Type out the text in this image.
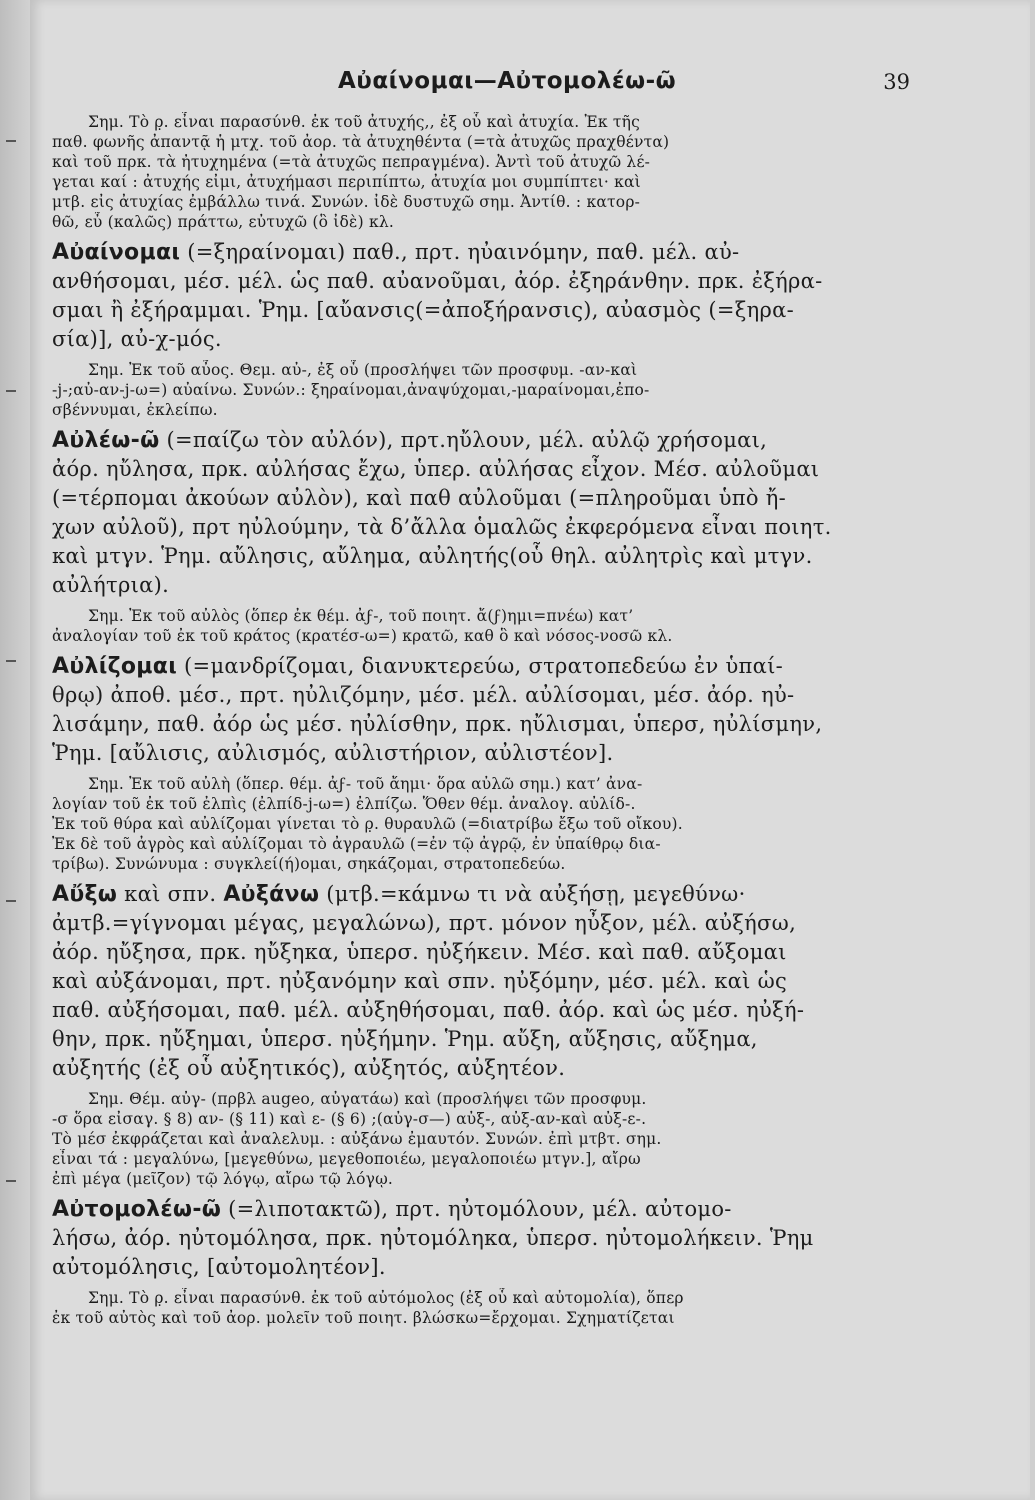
Αὐαίνομαι—Αὐτομολέω-ῶ	39
Σημ. Τὸ ρ̣. εἶναι παρασύνθ. ἐκ τοῦ ἀτυχής,, ἐξ οὗ καὶ ἀτυχία. Ἐκ τῆς
παθ. φωνῆς ἀπαντᾷ ἡ μτχ. τοῦ ἀορ. τὰ ἀτυχηθέντα (=τὰ ἀτυχῶς πραχθέντα)
καὶ τοῦ πρκ. τὰ ἠτυχημένα (=τὰ ἀτυχῶς πεπραγμένα). Ἀντὶ τοῦ ἀτυχῶ λέ-
γεται καί : ἀτυχής εἰμι, ἀτυχήμασι περιπίπτω, ἀτυχία μοι συμπίπτει· καὶ
μτβ. εἰς ἀτυχίας ἐμβάλλω τινά. Συνών. ἰδὲ δυστυχῶ σημ. Ἀντίθ. : κατορ-
θῶ, εὖ (καλῶς) πράττω, εὐτυχῶ (ὃ ἰδὲ) κλ.
Αὐαίνομαι (=ξηραίνομαι) παθ., πρτ. ηὐαινόμην, παθ. μέλ. αὐ-
ανθήσομαι, μέσ. μέλ. ὡς παθ. αὐανοῦμαι, ἀόρ. ἐξηράνθην. πρκ. ἐξήρα-
σμαι ἢ ἐξήραμμαι. Ῥημ. [αὔανσις(=ἀποξήρανσις), αὐασμὸς (=ξηρα-
σία)], αὐ-χ-μός.
Σημ. Ἐκ τοῦ αὖος. Θεμ. αὐ-, ἐξ οὗ (προσλήψει τῶν προσφυμ. -αν-καὶ
-j-;αὐ-αν-j-ω=) αὐαίνω. Συνών.: ξηραίνομαι,ἀναψύχομαι,-μαραίνομαι,ἐπο-
σβέννυμαι, ἐκλείπω.
Αὐλέω-ῶ (=παίζω τὸν αὐλόν), πρτ.ηὔλουν, μέλ. αὐλῷ χρήσομαι,
ἀόρ. ηὔλησα, πρκ. αὐλήσας ἔχω, ὑπερ. αὐλήσας εἶχον. Μέσ. αὐλοῦμαι
(=τέρπομαι ἀκούων αὐλὸν), καὶ παθ αὐλοῦμαι (=πληροῦμαι ὑπὸ ἤ-
χων αὐλοῦ), πρτ ηὐλούμην, τὰ δ’ἄλλα ὁμαλῶς ἐκφερόμενα εἶναι ποιητ.
καὶ μτγν. Ῥημ. αὔλησις, αὔλημα, αὐλητής(οὗ θηλ. αὐλητρὶς καὶ μτγν.
αὐλήτρια).
Σημ. Ἐκ τοῦ αὐλὸς (ὅπερ ἐκ θέμ. ἀϝ-, τοῦ ποιητ. ἄ(ϝ)ημι=πνέω) κατ’
ἀναλογίαν τοῦ ἐκ τοῦ κράτος (κρατέσ-ω=) κρατῶ, καθ ὃ καὶ νόσος-νοσῶ κλ.
Αὐλίζομαι (=μανδρίζομαι, διανυκτερεύω, στρατοπεδεύω ἐν ὑπαί-
θρῳ) ἀποθ. μέσ., πρτ. ηὐλιζόμην, μέσ. μέλ. αὐλίσομαι, μέσ. ἀόρ. ηὐ-
λισάμην, παθ. ἀόρ ὡς μέσ. ηὐλίσθην, πρκ. ηὔλισμαι, ὑπερσ, ηὐλίσμην,
Ῥημ. [αὔλισις, αὐλισμός, αὐλιστήριον, αὐλιστέον].
Σημ. Ἐκ τοῦ αὐλὴ (ὅπερ. θέμ. ἀϝ- τοῦ ἄημι· ὅρα αὐλῶ σημ.) κατ’ ἀνα-
λογίαν τοῦ ἐκ τοῦ ἐλπὶς (ἐλπίδ-j-ω=) ἐλπίζω. Ὅθεν θέμ. ἀναλογ. αὐλίδ-.
Ἐκ τοῦ θύρα καὶ αὐλίζομαι γίνεται τὸ ρ̣. θυραυλῶ (=διατρίβω ἔξω τοῦ οἴκου).
Ἐκ δὲ τοῦ ἀγρὸς καὶ αὐλίζομαι τὸ ἀγραυλῶ (=ἐν τῷ ἀγρῷ, ἐν ὑπαίθρῳ δια-
τρίβω). Συνώνυμα : συγκλεί(ή)ομαι, σηκάζομαι, στρατοπεδεύω.
Αὔξω καὶ σπν. Αὐξάνω (μτβ.=κάμνω τι νὰ αὐξήσῃ, μεγεθύνω·
ἀμτβ.=γίγνομαι μέγας, μεγαλώνω), πρτ. μόνον ηὖξον, μέλ. αὐξήσω,
ἀόρ. ηὔξησα, πρκ. ηὔξηκα, ὑπερσ. ηὐξήκειν. Μέσ. καὶ παθ. αὔξομαι
καὶ αὐξάνομαι, πρτ. ηὐξανόμην καὶ σπν. ηὐξόμην, μέσ. μέλ. καὶ ὡς
παθ. αὐξήσομαι, παθ. μέλ. αὐξηθήσομαι, παθ. ἀόρ. καὶ ὡς μέσ. ηὐξή-
θην, πρκ. ηὔξημαι, ὑπερσ. ηὐξήμην. Ῥημ. αὔξη, αὔξησις, αὔξημα,
αὐξητής (ἐξ οὗ αὐξητικός), αὐξητός, αὐξητέον.
Σημ. Θέμ. αὐγ- (πρβλ augeo, αὐγατάω) καὶ (προσλήψει τῶν προσφυμ.
-σ ὅρα εἰσαγ. § 8) αν- (§ 11) καὶ ε- (§ 6) ;(αὐγ-σ—) αὐξ-, αὐξ-αν-καὶ αὐξ-ε-.
Τὸ μέσ ἐκφράζεται καὶ ἀναλελυμ. : αὐξάνω ἐμαυτόν. Συνών. ἐπὶ μτβτ. σημ.
εἶναι τά : μεγαλύνω, [μεγεθύνω, μεγεθοποιέω, μεγαλοποιέω μτγν.], αἴρω
ἐπὶ μέγα (μεῖζον) τῷ λόγῳ, αἴρω τῷ λόγῳ.
Αὐτομολέω-ῶ (=λιποτακτῶ), πρτ. ηὐτομόλουν, μέλ. αὐτομο-
λήσω, ἀόρ. ηὐτομόλησα, πρκ. ηὐτομόληκα, ὑπερσ. ηὐτομολήκειν. Ῥημ
αὐτομόλησις, [αὐτομολητέον].
Σημ. Τὸ ρ̣. εἶναι παρασύνθ. ἐκ τοῦ αὐτόμολος (ἐξ οὗ καὶ αὐτομολία), ὅπερ
ἐκ τοῦ αὐτὸς καὶ τοῦ ἀορ. μολεῖν τοῦ ποιητ. βλώσκω=ἔρχομαι. Σχηματίζεται
